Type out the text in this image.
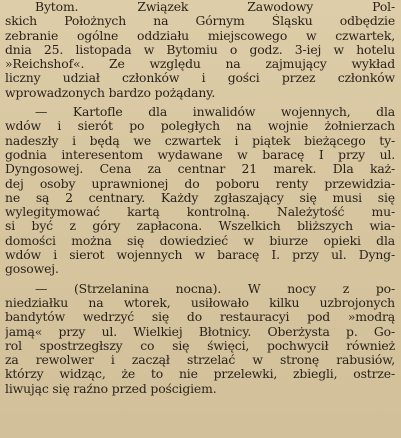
Bytom. Związek Zawodowy Pol-
skich Położnych na Górnym Śląsku odbędzie
zebranie ogólne oddziału miejscowego w czwartek,
dnia 25. listopada w Bytomiu o godz. 3-iej w hotelu
»Reichshof«. Ze względu na zajmujący wykład
liczny udział członków i gości przez członków
wprowadzonych bardzo pożądany.
— Kartofle dla inwalidów wojennych, dla
wdów i sierót po poległych na wojnie żołnierzach
nadeszły i będą we czwartek i piątek bieżącego ty-
godnia interesentom wydawane w baracę I przy ul.
Dyngosowej. Cena za centnar 21 marek. Dla każ-
dej osoby uprawnionej do poboru renty przewidzia-
ne są 2 centnary. Każdy zgłaszający się musi się
wylegitymować kartą kontrolną. Należytość mu-
si być z góry zapłacona. Wszelkich bliższych wia-
domości można się dowiedzieć w biurze opieki dla
wdów i sierot wojennych w baracę I. przy ul. Dyng-
gosowej.
— (Strzelanina nocna). W nocy z po-
niedziałku na wtorek, usiłowało kilku uzbrojonych
bandytów wedrzyć się do restauracyi pod »modrą
jamą« przy ul. Wielkiej Błotnicy. Oberżysta p. Go-
rol spostrzegłszy co się święci, pochwycił również
za rewolwer i zaczął strzelać w stronę rabusiów,
którzy widząc, że to nie przelewki, zbiegli, ostrze-
liwując się raźno przed pościgiem.
